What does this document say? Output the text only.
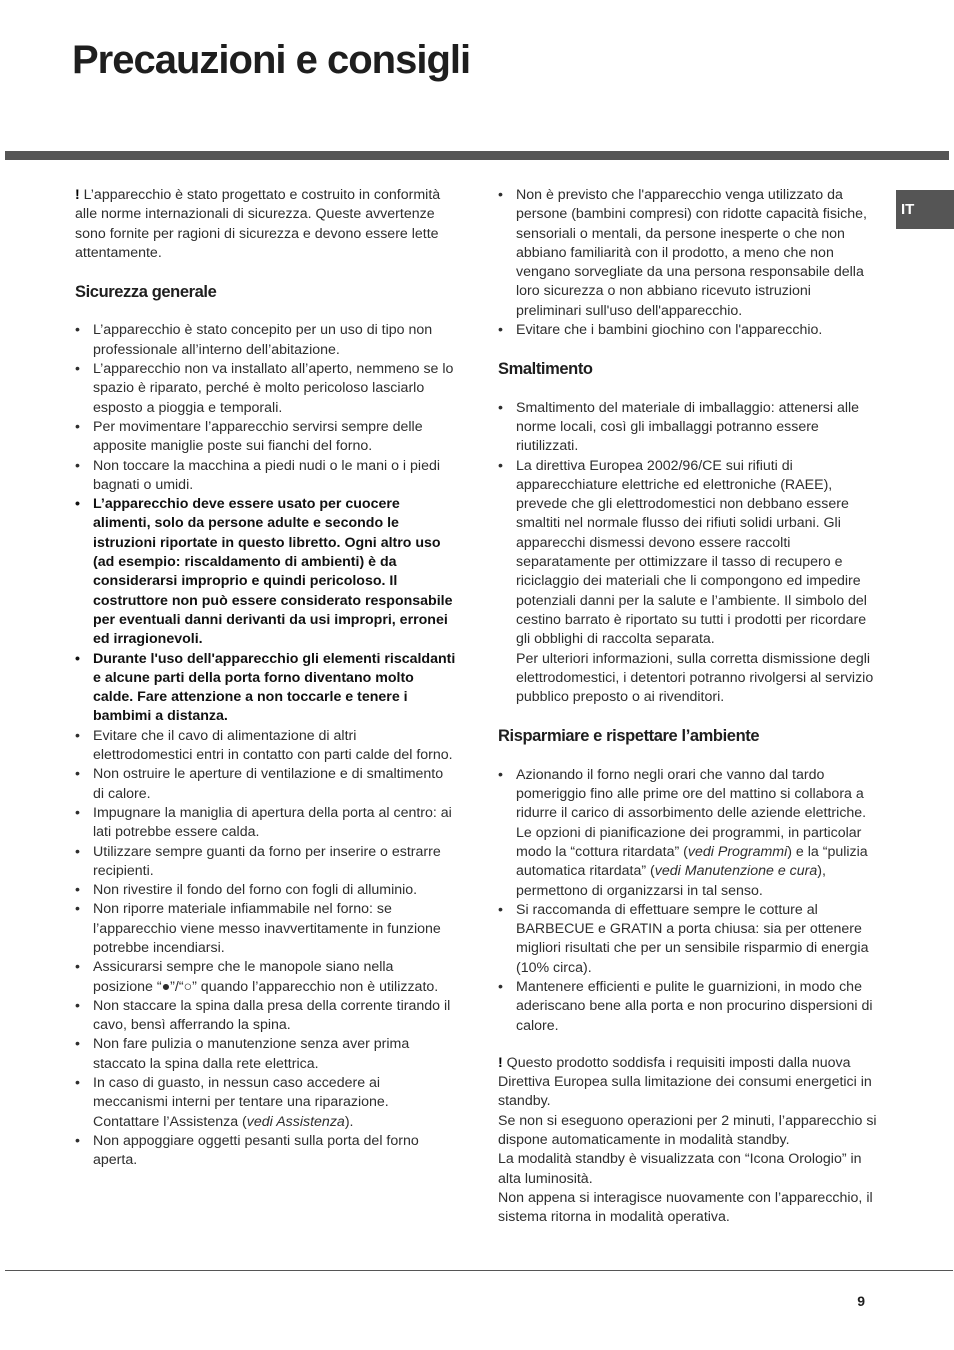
Precauzioni e consigli
IT

! L’apparecchio è stato progettato e costruito in conformità alle norme internazionali di sicurezza. Queste avvertenze sono fornite per ragioni di sicurezza e devono essere lette attentamente.

Sicurezza generale
• L’apparecchio è stato concepito per un uso di tipo non professionale all’interno dell’abitazione.
• L’apparecchio non va installato all’aperto, nemmeno se lo spazio è riparato, perché è molto pericoloso lasciarlo esposto a pioggia e temporali.
• Per movimentare l’apparecchio servirsi sempre delle apposite maniglie poste sui fianchi del forno.
• Non toccare la macchina a piedi nudi o le mani o i piedi bagnati o umidi.
• L’apparecchio deve essere usato per cuocere alimenti, solo da persone adulte e secondo le istruzioni riportate in questo libretto. Ogni altro uso (ad esempio: riscaldamento di ambienti) è da considerarsi improprio e quindi pericoloso. Il costruttore non può essere considerato responsabile per eventuali danni derivanti da usi impropri, erronei ed irragionevoli.
• Durante l'uso dell'apparecchio gli elementi riscaldanti e alcune parti della porta forno diventano molto calde. Fare attenzione a non toccarle e tenere i bambimi a distanza.
• Evitare che il cavo di alimentazione di altri elettrodomestici entri in contatto con parti calde del forno.
• Non ostruire le aperture di ventilazione e di smaltimento di calore.
• Impugnare la maniglia di apertura della porta al centro: ai lati potrebbe essere calda.
• Utilizzare sempre guanti da forno per inserire o estrarre recipienti.
• Non rivestire il fondo del forno con fogli di alluminio.
• Non riporre materiale infiammabile nel forno: se l’apparecchio viene messo inavvertitamente in funzione potrebbe incendiarsi.
• Assicurarsi sempre che le manopole siano nella posizione “●”/“○” quando l’apparecchio non è utilizzato.
• Non staccare la spina dalla presa della corrente tirando il cavo, bensì afferrando la spina.
• Non fare pulizia o manutenzione senza aver prima staccato la spina dalla rete elettrica.
• In caso di guasto, in nessun caso accedere ai meccanismi interni per tentare una riparazione. Contattare l’Assistenza (vedi Assistenza).
• Non appoggiare oggetti pesanti sulla porta del forno aperta.
• Non è previsto che l'apparecchio venga utilizzato da persone (bambini compresi) con ridotte capacità fisiche, sensoriali o mentali, da persone inesperte o che non abbiano familiarità con il prodotto, a meno che non vengano sorvegliate da una persona responsabile della loro sicurezza o non abbiano ricevuto istruzioni preliminari sull'uso dell'apparecchio.
• Evitare che i bambini giochino con l'apparecchio.
Smaltimento
• Smaltimento del materiale di imballaggio: attenersi alle norme locali, così gli imballaggi potranno essere riutilizzati.
• La direttiva Europea 2002/96/CE sui rifiuti di apparecchiature elettriche ed elettroniche (RAEE), prevede che gli elettrodomestici non debbano essere smaltiti nel normale flusso dei rifiuti solidi urbani. Gli apparecchi dismessi devono essere raccolti separatamente per ottimizzare il tasso di recupero e riciclaggio dei materiali che li compongono ed impedire potenziali danni per la salute e l’ambiente. Il simbolo del cestino barrato è riportato su tutti i prodotti per ricordare gli obblighi di raccolta separata.
Per ulteriori informazioni, sulla corretta dismissione degli elettrodomestici, i detentori potranno rivolgersi al servizio pubblico preposto o ai rivenditori.
Risparmiare e rispettare l’ambiente
• Azionando il forno negli orari che vanno dal tardo pomeriggio fino alle prime ore del mattino si collabora a ridurre il carico di assorbimento delle aziende elettriche. Le opzioni di pianificazione dei programmi, in particolar modo la “cottura ritardata” (vedi Programmi) e la “pulizia automatica ritardata” (vedi Manutenzione e cura), permettono di organizzarsi in tal senso.
• Si raccomanda di effettuare sempre le cotture al BARBECUE e GRATIN a porta chiusa: sia per ottenere migliori risultati che per un sensibile risparmio di energia (10% circa).
• Mantenere efficienti e pulite le guarnizioni, in modo che aderiscano bene alla porta e non procurino dispersioni di calore.

! Questo prodotto soddisfa i requisiti imposti dalla nuova Direttiva Europea sulla limitazione dei consumi energetici in standby.

Se non si eseguono operazioni per 2 minuti, l’apparecchio si dispone automaticamente in modalità standby.

La modalità standby è visualizzata con “Icona Orologio” in alta luminosità.

Non appena si interagisce nuovamente con l’apparecchio, il sistema ritorna in modalità operativa.

9
